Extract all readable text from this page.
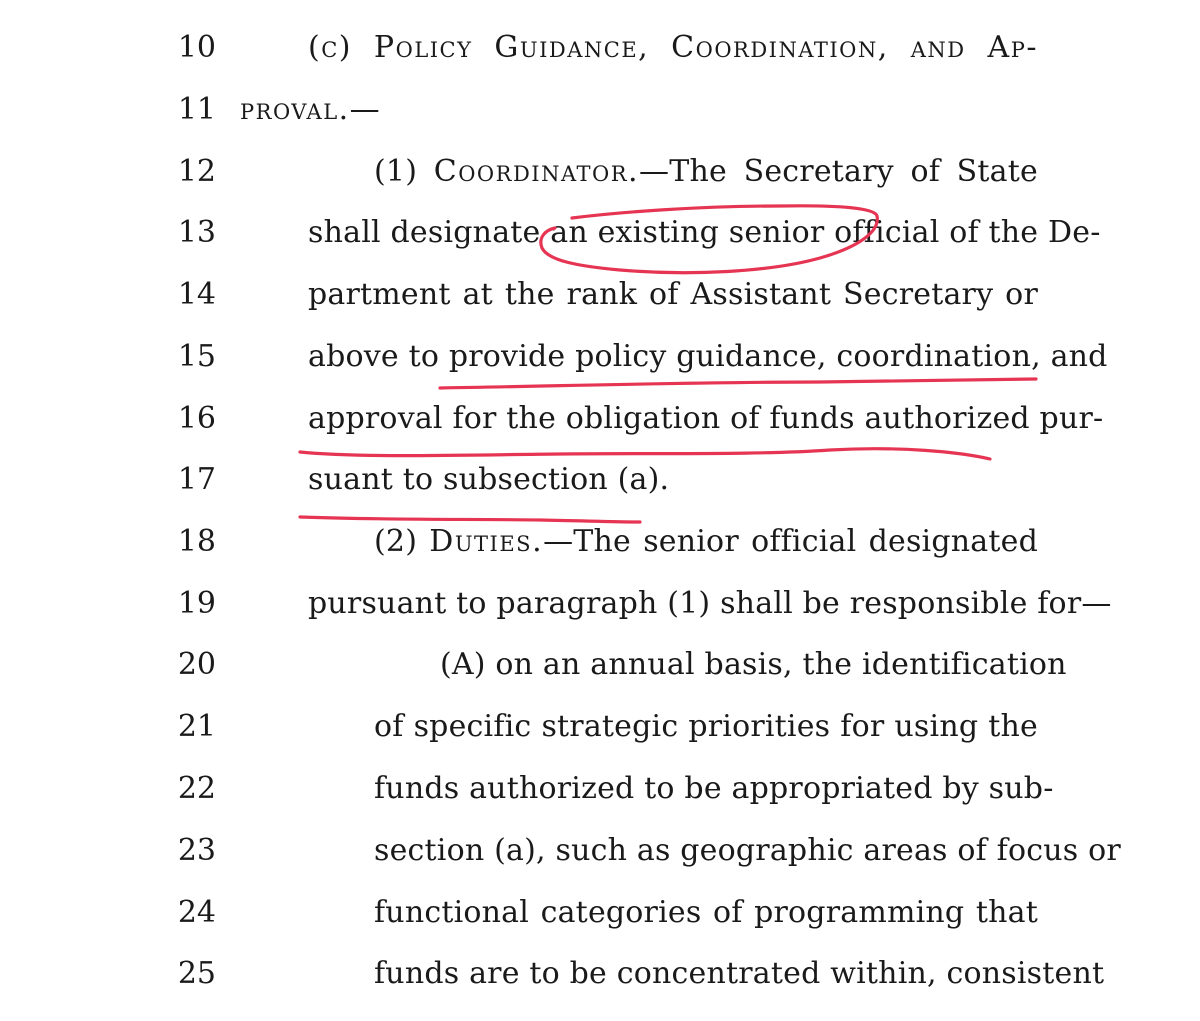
10	(c) Policy Guidance, Coordination, and Ap-
11 proval.—
12	(1) Coordinator.—The Secretary of State
13	shall designate an existing senior official of the De-
14	partment at the rank of Assistant Secretary or
15	above to provide policy guidance, coordination, and
16	approval for the obligation of funds authorized pur-
17	suant to subsection (a).
18	(2) Duties.—The senior official designated
19	pursuant to paragraph (1) shall be responsible for—
20	(A) on an annual basis, the identification
21	of specific strategic priorities for using the
22	funds authorized to be appropriated by sub-
23	section (a), such as geographic areas of focus or
24	functional categories of programming that
25	funds are to be concentrated within, consistent
